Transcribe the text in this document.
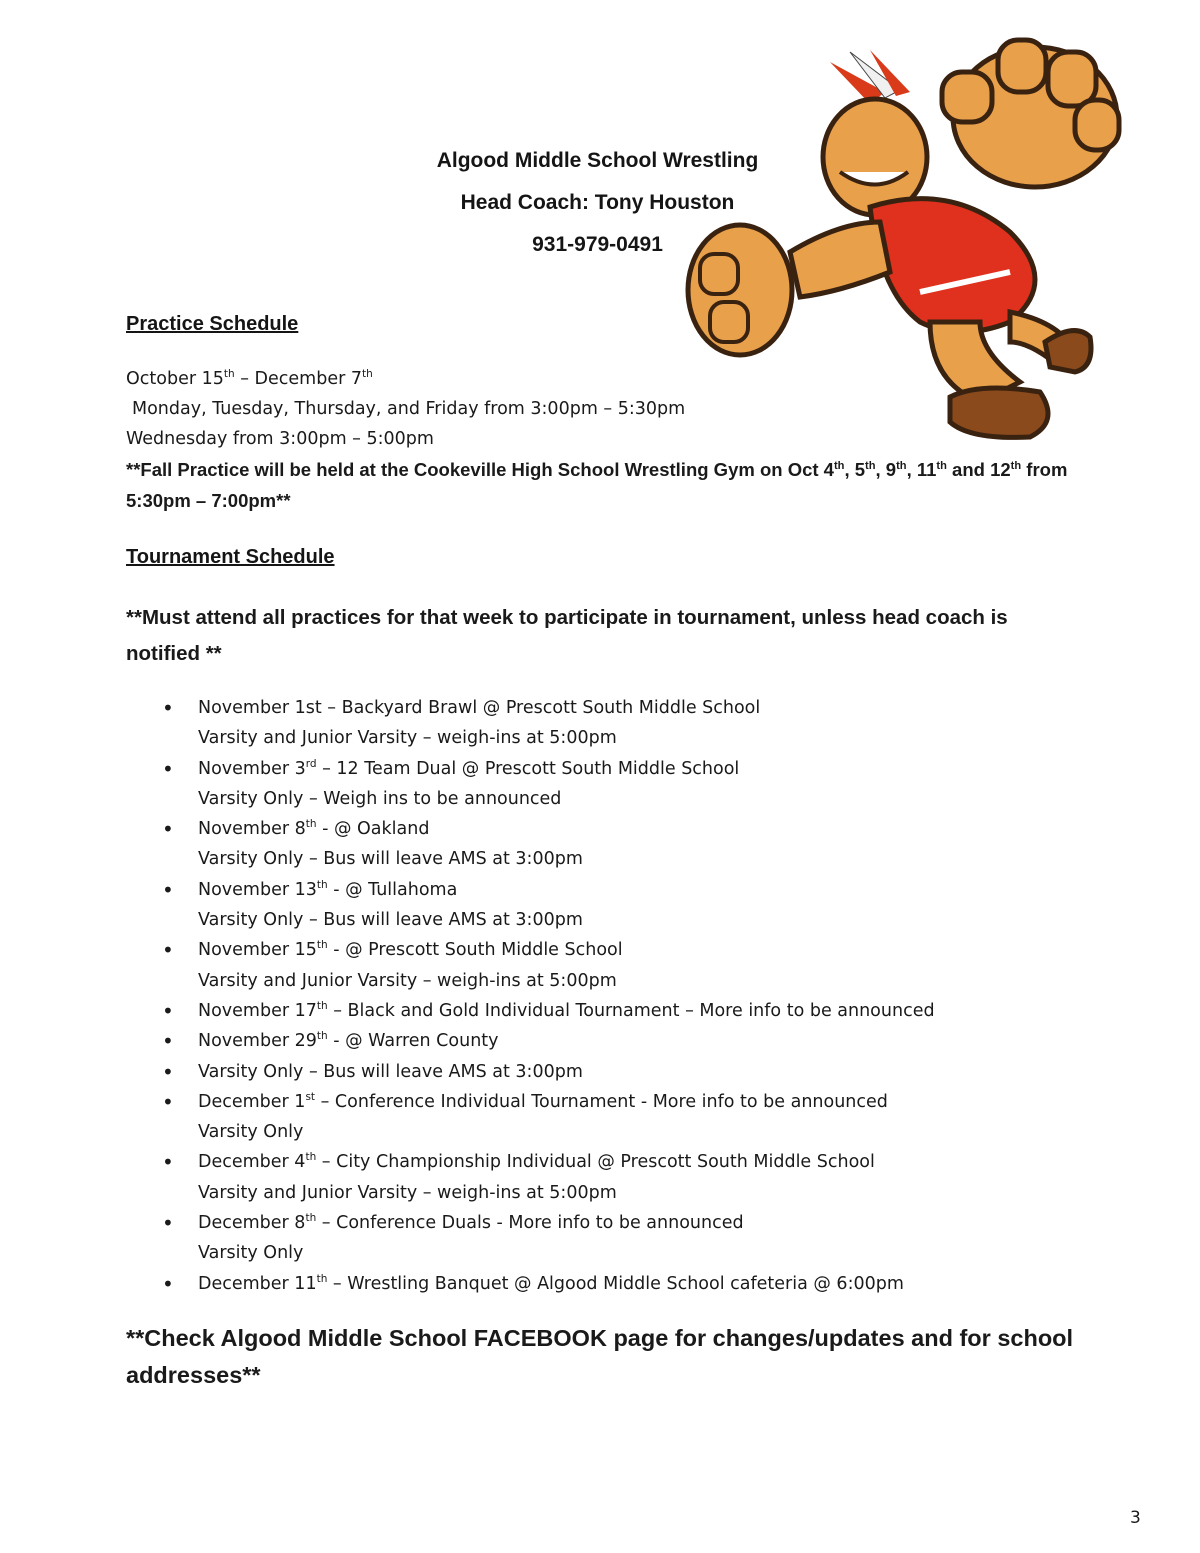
Algood Middle School Wrestling
Head Coach: Tony Houston
931-979-0491
Practice Schedule
October 15th – December 7th
Monday, Tuesday, Thursday, and Friday from 3:00pm – 5:30pm
Wednesday from 3:00pm – 5:00pm
**Fall Practice will be held at the Cookeville High School Wrestling Gym on Oct 4th, 5th, 9th, 11th and 12th from 5:30pm – 7:00pm**
Tournament Schedule
**Must attend all practices for that week to participate in tournament, unless head coach is notified **
• November 1st – Backyard Brawl @ Prescott South Middle School
Varsity and Junior Varsity – weigh-ins at 5:00pm
• November 3rd – 12 Team Dual @ Prescott South Middle School
Varsity Only – Weigh ins to be announced
• November 8th - @ Oakland
Varsity Only – Bus will leave AMS at 3:00pm
• November 13th - @ Tullahoma
Varsity Only – Bus will leave AMS at 3:00pm
• November 15th - @ Prescott South Middle School
Varsity and Junior Varsity – weigh-ins at 5:00pm
• November 17th – Black and Gold Individual Tournament – More info to be announced
• November 29th - @ Warren County
• Varsity Only – Bus will leave AMS at 3:00pm
• December 1st – Conference Individual Tournament - More info to be announced
Varsity Only
• December 4th – City Championship Individual @ Prescott South Middle School
Varsity and Junior Varsity – weigh-ins at 5:00pm
• December 8th – Conference Duals - More info to be announced
Varsity Only
• December 11th – Wrestling Banquet @ Algood Middle School cafeteria @ 6:00pm
**Check Algood Middle School FACEBOOK page for changes/updates and for school addresses**
3
